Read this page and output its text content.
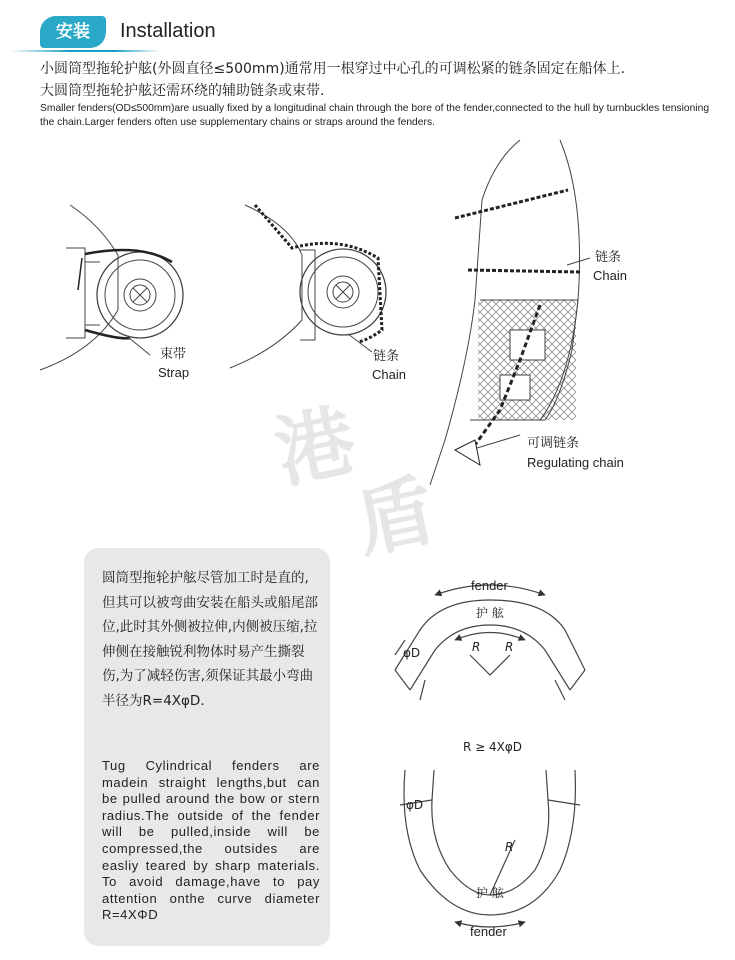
安装	Installation
小圆筒型拖轮护舷(外圆直径≤500mm)通常用一根穿过中心孔的可调松紧的链条固定在船体上.
大圆筒型拖轮护舷还需环绕的辅助链条或束带.
Smaller fenders(OD≤500mm)are usually fixed by a longitudinal chain through the bore of the fender,connected to the hull by turnbuckles tensioning the chain.Larger fenders often use supplementary chains or straps around the fenders.
港
盾
束带
Strap
链条
Chain
链条
Chain
可调链条
Regulating chain
圆筒型拖轮护舷尽管加工时是直的,但其可以被弯曲安装在船头或船尾部位,此时其外侧被拉伸,内侧被压缩,拉伸侧在接触锐利物体时易产生撕裂伤,为了减轻伤害,须保证其最小弯曲半径为R=4XφD.
Tug Cylindrical fenders are madein straight lengths,but can be pulled around the bow or stern radius.The outside of the fender will be pulled,inside will be compressed,the outsides are easliy teared by sharp materials. To avoid damage,have to pay attention onthe curve diameter R=4XΦD
fender
护 舷
φD	R R
R ≥ 4XφD
φD
R
护 舷
fender
